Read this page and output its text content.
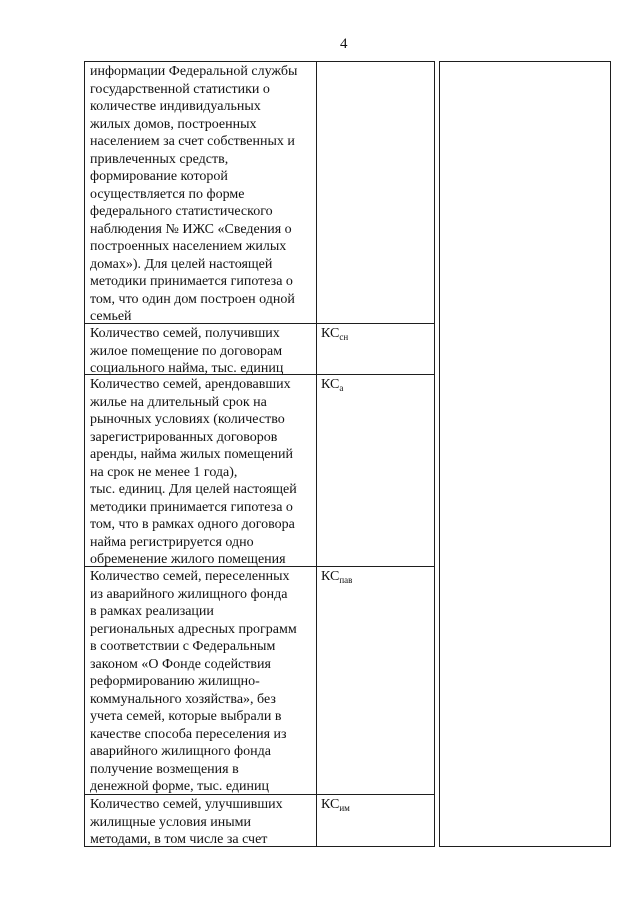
4
информации Федеральной службы
государственной статистики о
количестве индивидуальных
жилых домов, построенных
населением за счет собственных и
привлеченных средств,
формирование которой
осуществляется по форме
федерального статистического
наблюдения № ИЖС «Сведения о
построенных населением жилых
домах»). Для целей настоящей
методики принимается гипотеза о
том, что один дом построен одной
семьей
Количество семей, получивших
жилое помещение по договорам
социального найма, тыс. единиц
$КС_{сн}$
Количество семей, арендовавших
жилье на длительный срок на
рыночных условиях (количество
зарегистрированных договоров
аренды, найма жилых помещений
на срок не менее 1 года),
тыс. единиц. Для целей настоящей
методики принимается гипотеза о
том, что в рамках одного договора
найма регистрируется одно
обременение жилого помещения
$КС_а$
Количество семей, переселенных
из аварийного жилищного фонда
в рамках реализации
региональных адресных программ
в соответствии с Федеральным
законом «О Фонде содействия
реформированию жилищно-
коммунального хозяйства», без
учета семей, которые выбрали в
качестве способа переселения из
аварийного жилищного фонда
получение возмещения в
денежной форме, тыс. единиц
$КС_{пав}$
Количество семей, улучшивших
жилищные условия иными
методами, в том числе за счет
$КС_{им}$
